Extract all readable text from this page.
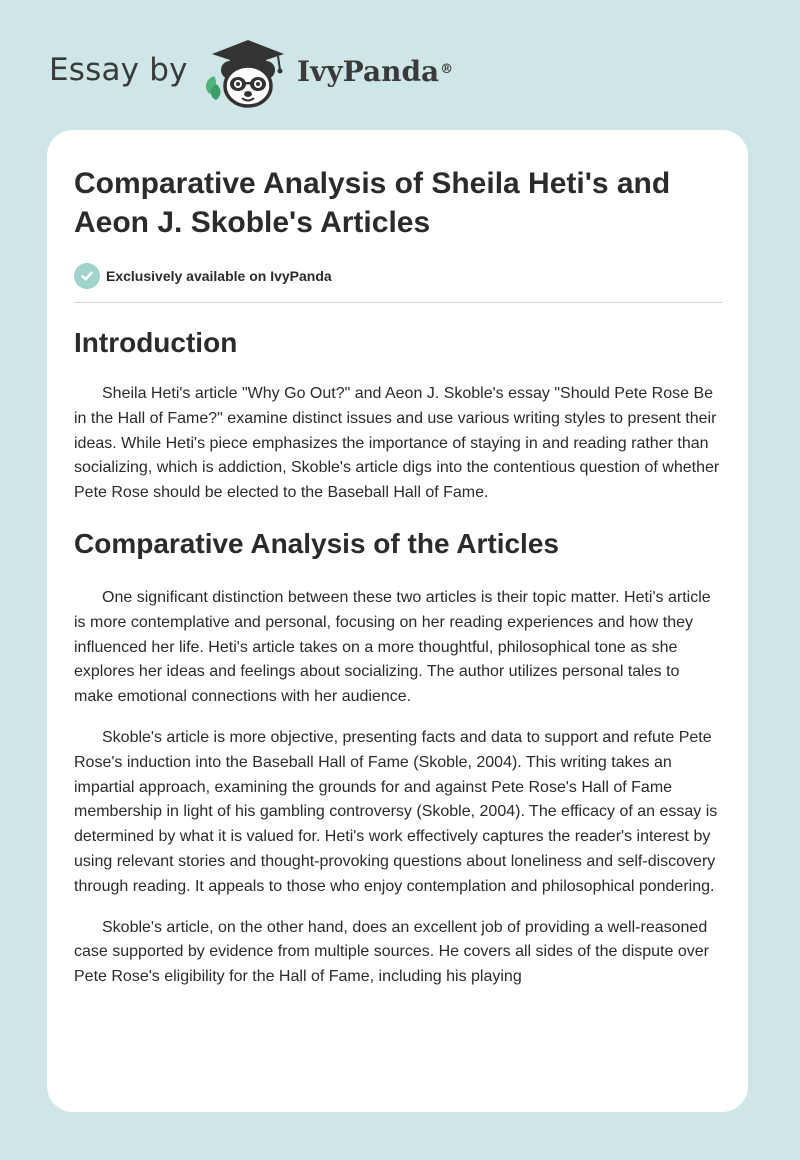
Essay by	IvyPanda®
Comparative Analysis of Sheila Heti's and Aeon J. Skoble's Articles
Exclusively available on IvyPanda
Introduction

Sheila Heti's article "Why Go Out?" and Aeon J. Skoble's essay "Should Pete Rose Be in the Hall of Fame?" examine distinct issues and use various writing styles to present their ideas. While Heti's piece emphasizes the importance of staying in and reading rather than socializing, which is addiction, Skoble's article digs into the contentious question of whether Pete Rose should be elected to the Baseball Hall of Fame.

Comparative Analysis of the Articles

One significant distinction between these two articles is their topic matter. Heti's article is more contemplative and personal, focusing on her reading experiences and how they influenced her life. Heti's article takes on a more thoughtful, philosophical tone as she explores her ideas and feelings about socializing. The author utilizes personal tales to make emotional connections with her audience.

Skoble's article is more objective, presenting facts and data to support and refute Pete Rose's induction into the Baseball Hall of Fame (Skoble, 2004). This writing takes an impartial approach, examining the grounds for and against Pete Rose's Hall of Fame membership in light of his gambling controversy (Skoble, 2004). The efficacy of an essay is determined by what it is valued for. Heti's work effectively captures the reader's interest by using relevant stories and thought-provoking questions about loneliness and self-discovery through reading. It appeals to those who enjoy contemplation and philosophical pondering.

Skoble's article, on the other hand, does an excellent job of providing a well-reasoned case supported by evidence from multiple sources. He covers all sides of the dispute over Pete Rose's eligibility for the Hall of Fame, including his playing
